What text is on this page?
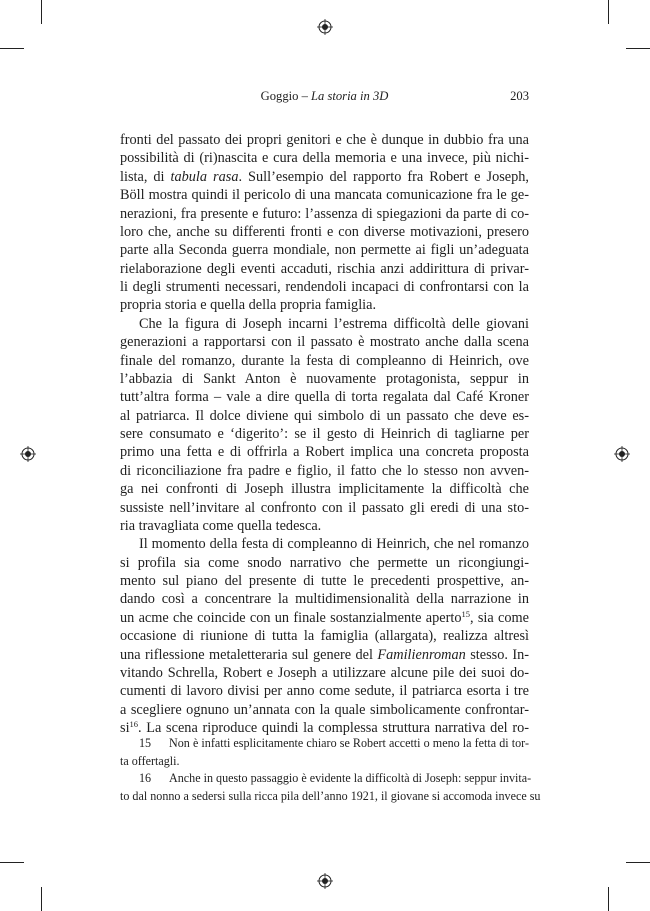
Goggio – La storia in 3D	203
fronti del passato dei propri genitori e che è dunque in dubbio fra una
possibilità di (ri)nascita e cura della memoria e una invece, più nichi-
lista, di tabula rasa. Sull’esempio del rapporto fra Robert e Joseph,
Böll mostra quindi il pericolo di una mancata comunicazione fra le ge-
nerazioni, fra presente e futuro: l’assenza di spiegazioni da parte di co-
loro che, anche su differenti fronti e con diverse motivazioni, presero
parte alla Seconda guerra mondiale, non permette ai figli un’adeguata
rielaborazione degli eventi accaduti, rischia anzi addirittura di privar-
li degli strumenti necessari, rendendoli incapaci di confrontarsi con la
propria storia e quella della propria famiglia.
Che la figura di Joseph incarni l’estrema difficoltà delle giovani
generazioni a rapportarsi con il passato è mostrato anche dalla scena
finale del romanzo, durante la festa di compleanno di Heinrich, ove
l’abbazia di Sankt Anton è nuovamente protagonista, seppur in
tutt’altra forma – vale a dire quella di torta regalata dal Café Kroner
al patriarca. Il dolce diviene qui simbolo di un passato che deve es-
sere consumato e ‘digerito’: se il gesto di Heinrich di tagliarne per
primo una fetta e di offrirla a Robert implica una concreta proposta
di riconciliazione fra padre e figlio, il fatto che lo stesso non avven-
ga nei confronti di Joseph illustra implicitamente la difficoltà che
sussiste nell’invitare al confronto con il passato gli eredi di una sto-
ria travagliata come quella tedesca.
Il momento della festa di compleanno di Heinrich, che nel romanzo
si profila sia come snodo narrativo che permette un ricongiungi-
mento sul piano del presente di tutte le precedenti prospettive, an-
dando così a concentrare la multidimensionalità della narrazione in
un acme che coincide con un finale sostanzialmente aperto$^{15}$, sia come
occasione di riunione di tutta la famiglia (allargata), realizza altresì
una riflessione metaletteraria sul genere del Familienroman stesso. In-
vitando Schrella, Robert e Joseph a utilizzare alcune pile dei suoi do-
cumenti di lavoro divisi per anno come sedute, il patriarca esorta i tre
a scegliere ognuno un’annata con la quale simbolicamente confrontar-
$si^{16}$. La scena riproduce quindi la complessa struttura narrativa del ro-
15 Non è infatti esplicitamente chiaro se Robert accetti o meno la fetta di tor-
ta offertagli.
16 Anche in questo passaggio è evidente la difficoltà di Joseph: seppur invita-
to dal nonno a sedersi sulla ricca pila dell’anno 1921, il giovane si accomoda invece su
